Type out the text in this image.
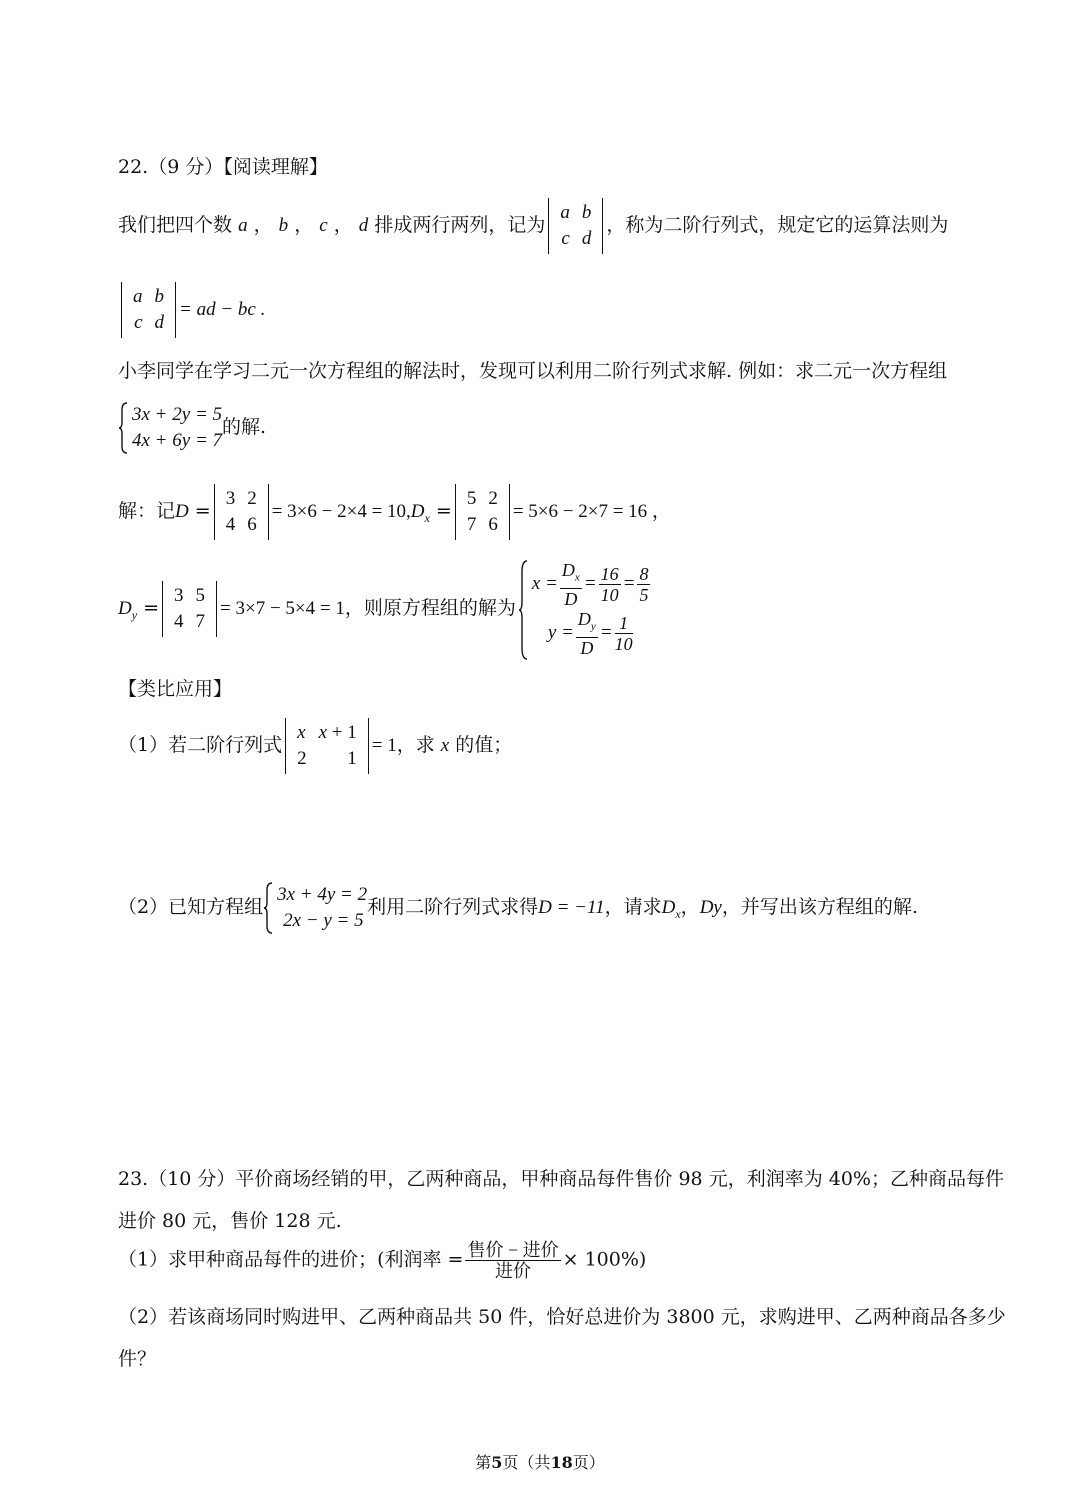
22.（9 分）【阅读理解】
我们把四个数 a ， b ， c ， d 排成两行两列，记为
a	b
c	d
，称为二阶行列式，规定它的运算法则为
a	b
c	d
= ad − bc .
小李同学在学习二元一次方程组的解法时，发现可以利用二阶行列式求解. 例如：求二元一次方程组
3x + 2y = 5
4x + 6y = 7
的解.
解：记D =
3	2
4	6
= $3\times 6 - 2\times 4 = 10,D_x$ =
5	2
7	6
= 5×6 − 2×7 = 16 ，
$D_y$ =
3	5
4	7
= 3×7 − 5×4 = 1，则原方程组的解为
$x = \frac{D_x}{D} = \frac{16}{10} = \frac{8}{5}$
$y = \frac{D_y}{D} = \frac{1}{10}$
【类比应用】
（1）若二阶行列式
x	x + 1
2	1
= 1，求 x 的值；
（2）已知方程组
3x + 4y = 2
2x − y = 5
利用二阶行列式求得D = −11，请求$D_x$，Dy，并写出该方程组的解.
23.（10 分）平价商场经销的甲，乙两种商品，甲种商品每件售价 98 元，利润率为 40%；乙种商品每件
进价 80 元，售价 128 元.
（1）求甲种商品每件的进价；(利润率 = $\frac{\text{售价 − 进价}}{\text{进价}} \times 100\%$)
（2）若该商场同时购进甲、乙两种商品共 50 件，恰好总进价为 3800 元，求购进甲、乙两种商品各多少
件？
第5页（共18页）
